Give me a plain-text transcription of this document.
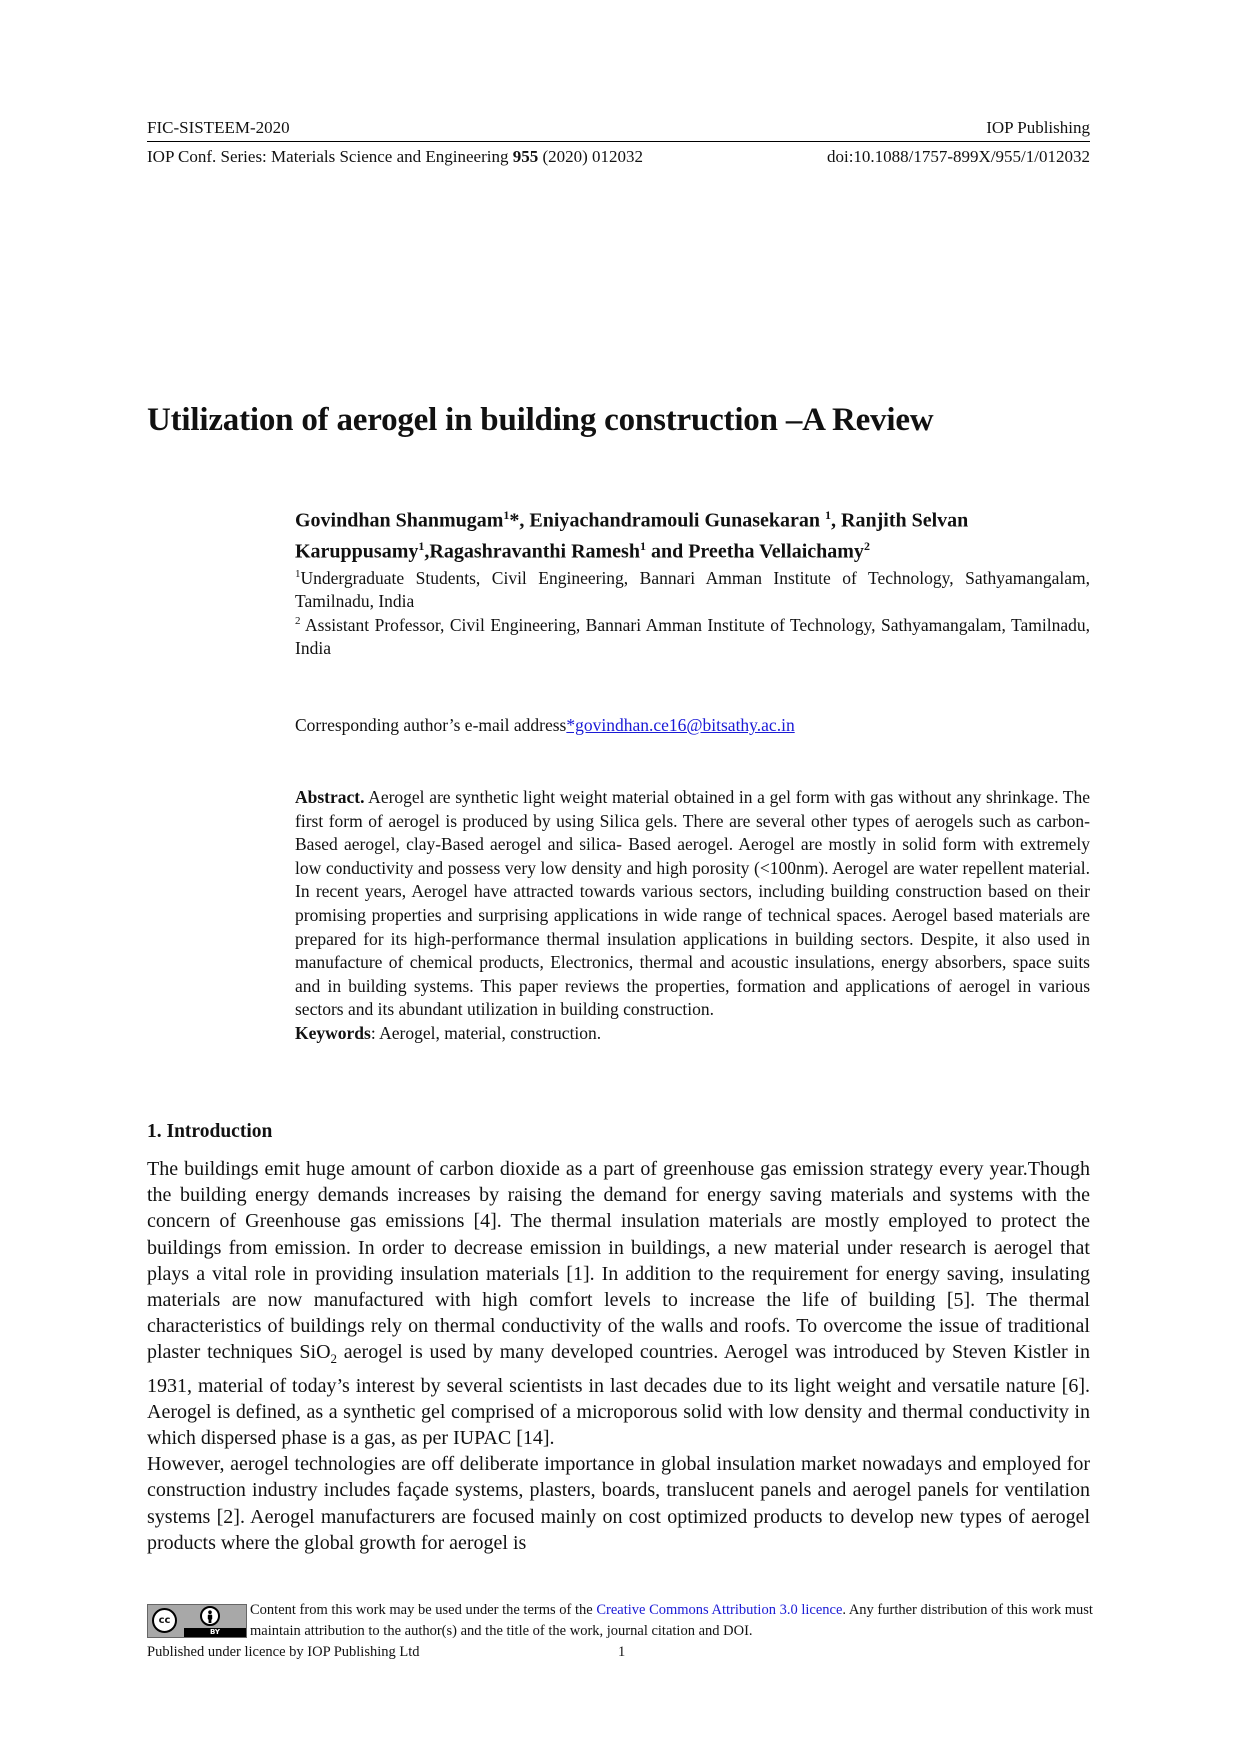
FIC-SISTEEM-2020	IOP Publishing
IOP Conf. Series: Materials Science and Engineering 955 (2020) 012032	doi:10.1088/1757-899X/955/1/012032
Utilization of aerogel in building construction –A Review
Govindhan Shanmugam$^1$*, Eniyachandramouli Gunasekaran $^1$, Ranjith Selvan Karuppusamy$^1$,Ragashravanthi Ramesh$^1$ and Preetha Vellaichamy$^2$
$^1$Undergraduate Students, Civil Engineering, Bannari Amman Institute of Technology, Sathyamangalam, Tamilnadu, India
$^2$ Assistant Professor, Civil Engineering, Bannari Amman Institute of Technology, Sathyamangalam, Tamilnadu, India
Corresponding author’s e-mail address*govindhan.ce16@bitsathy.ac.in

Abstract. Aerogel are synthetic light weight material obtained in a gel form with gas without any shrinkage. The first form of aerogel is produced by using Silica gels. There are several other types of aerogels such as carbon-Based aerogel, clay-Based aerogel and silica- Based aerogel. Aerogel are mostly in solid form with extremely low conductivity and possess very low density and high porosity (<100nm). Aerogel are water repellent material. In recent years, Aerogel have attracted towards various sectors, including building construction based on their promising properties and surprising applications in wide range of technical spaces. Aerogel based materials are prepared for its high-performance thermal insulation applications in building sectors. Despite, it also used in manufacture of chemical products, Electronics, thermal and acoustic insulations, energy absorbers, space suits and in building systems. This paper reviews the properties, formation and applications of aerogel in various sectors and its abundant utilization in building construction.

Keywords: Aerogel, material, construction.

1. Introduction

The buildings emit huge amount of carbon dioxide as a part of greenhouse gas emission strategy every year.Though the building energy demands increases by raising the demand for energy saving materials and systems with the concern of Greenhouse gas emissions [4]. The thermal insulation materials are mostly employed to protect the buildings from emission. In order to decrease emission in buildings, a new material under research is aerogel that plays a vital role in providing insulation materials [1]. In addition to the requirement for energy saving, insulating materials are now manufactured with high comfort levels to increase the life of building [5]. The thermal characteristics of buildings rely on thermal conductivity of the walls and roofs. To overcome the issue of traditional plaster techniques SiO$_2$ aerogel is used by many developed countries. Aerogel was introduced by Steven Kistler in 1931, material of today’s interest by several scientists in last decades due to its light weight and versatile nature [6]. Aerogel is defined, as a synthetic gel comprised of a microporous solid with low density and thermal conductivity in which dispersed phase is a gas, as per IUPAC [14].

However, aerogel technologies are off deliberate importance in global insulation market nowadays and employed for construction industry includes façade systems, plasters, boards, translucent panels and aerogel panels for ventilation systems [2]. Aerogel manufacturers are focused mainly on cost optimized products to develop new types of aerogel products where the global growth for aerogel is

cc
BY
Content from this work may be used under the terms of the Creative Commons Attribution 3.0 licence. Any further distribution of this work must maintain attribution to the author(s) and the title of the work, journal citation and DOI.
Published under licence by IOP Publishing Ltd	1
